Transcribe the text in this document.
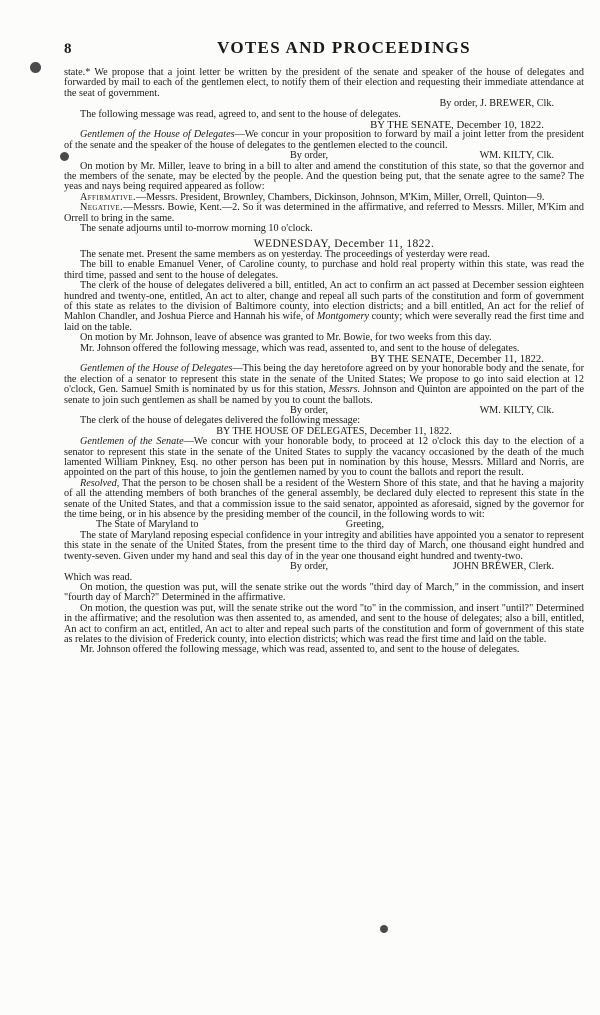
8	VOTES AND PROCEEDINGS

state.* We propose that a joint letter be written by the president of the senate and speaker of the house of delegates and forwarded by mail to each of the gentlemen elect, to notify them of their election and requesting their immediate attendance at the seat of government.

By order, J. BREWER, Clk.

The following message was read, agreed to, and sent to the house of delegates.

BY THE SENATE, December 10, 1822.

Gentlemen of the House of Delegates—We concur in your proposition to forward by mail a joint letter from the president of the senate and the speaker of the house of delegates to the gentlemen elected to the council.

By order,	WM. KILTY, Clk.

On motion by Mr. Miller, leave to bring in a bill to alter and amend the constitution of this state, so that the governor and the members of the senate, may be elected by the people. And the question being put, that the senate agree to the same? The yeas and nays being required appeared as follow:

Affirmative.—Messrs. President, Brownley, Chambers, Dickinson, Johnson, M'Kim, Miller, Orrell, Quinton—9.

Negative.—Messrs. Bowie, Kent.—2. So it was determined in the affirmative, and referred to Messrs. Miller, M'Kim and Orrell to bring in the same.

The senate adjourns until to-morrow morning 10 o'clock.

WEDNESDAY, December 11, 1822.

The senate met. Present the same members as on yesterday. The proceedings of yesterday were read.

The bill to enable Emanuel Vener, of Caroline county, to purchase and hold real property within this state, was read the third time, passed and sent to the house of delegates.

The clerk of the house of delegates delivered a bill, entitled, An act to confirm an act passed at December session eighteen hundred and twenty-one, entitled, An act to alter, change and repeal all such parts of the constitution and form of government of this state as relates to the division of Baltimore county, into election districts; and a bill entitled, An act for the relief of Mahlon Chandler, and Joshua Pierce and Hannah his wife, of Montgomery county; which were severally read the first time and laid on the table.

On motion by Mr. Johnson, leave of absence was granted to Mr. Bowie, for two weeks from this day.

Mr. Johnson offered the following message, which was read, assented to, and sent to the house of delegates.

BY THE SENATE, December 11, 1822.

Gentlemen of the House of Delegates—This being the day heretofore agreed on by your honorable body and the senate, for the election of a senator to represent this state in the senate of the United States; We propose to go into said election at 12 o'clock, Gen. Samuel Smith is nominated by us for this station, Messrs. Johnson and Quinton are appointed on the part of the senate to join such gentlemen as shall be named by you to count the ballots.

By order,	WM. KILTY, Clk.

The clerk of the house of delegates delivered the following message:

BY THE HOUSE OF DELEGATES, December 11, 1822.

Gentlemen of the Senate—We concur with your honorable body, to proceed at 12 o'clock this day to the election of a senator to represent this state in the senate of the United States to supply the vacancy occasioned by the death of the much lamented William Pinkney, Esq. no other person has been put in nomination by this house, Messrs. Millard and Norris, are appointed on the part of this house, to join the gentlemen named by you to count the ballots and report the result.

Resolved, That the person to be chosen shall be a resident of the Western Shore of this state, and that he having a majority of all the attending members of both branches of the general assembly, be declared duly elected to represent this state in the senate of the United States, and that a commission issue to the said senator, appointed as aforesaid, signed by the governor for the time being, or in his absence by the presiding member of the council, in the following words to wit:

The State of Maryland to	Greeting,

The state of Maryland reposing especial confidence in your intregity and abilities have appointed you a senator to represent this state in the senate of the United States, from the present time to the third day of March, one thousand eight hundred and twenty-seven. Given under my hand and seal this day of in the year one thousand eight hundred and twenty-two.

By order,	JOHN BREWER, Clerk.

Which was read.

On motion, the question was put, will the senate strike out the words "third day of March," in the commission, and insert "fourth day of March?" Determined in the affirmative.

On motion, the question was put, will the senate strike out the word "to" in the commission, and insert "until?" Determined in the affirmative; and the resolution was then assented to, as amended, and sent to the house of delegates; also a bill, entitled, An act to confirm an act, entitled, An act to alter and repeal such parts of the constitution and form of government of this state as relates to the division of Frederick county, into election districts; which was read the first time and laid on the table.

Mr. Johnson offered the following message, which was read, assented to, and sent to the house of delegates.
